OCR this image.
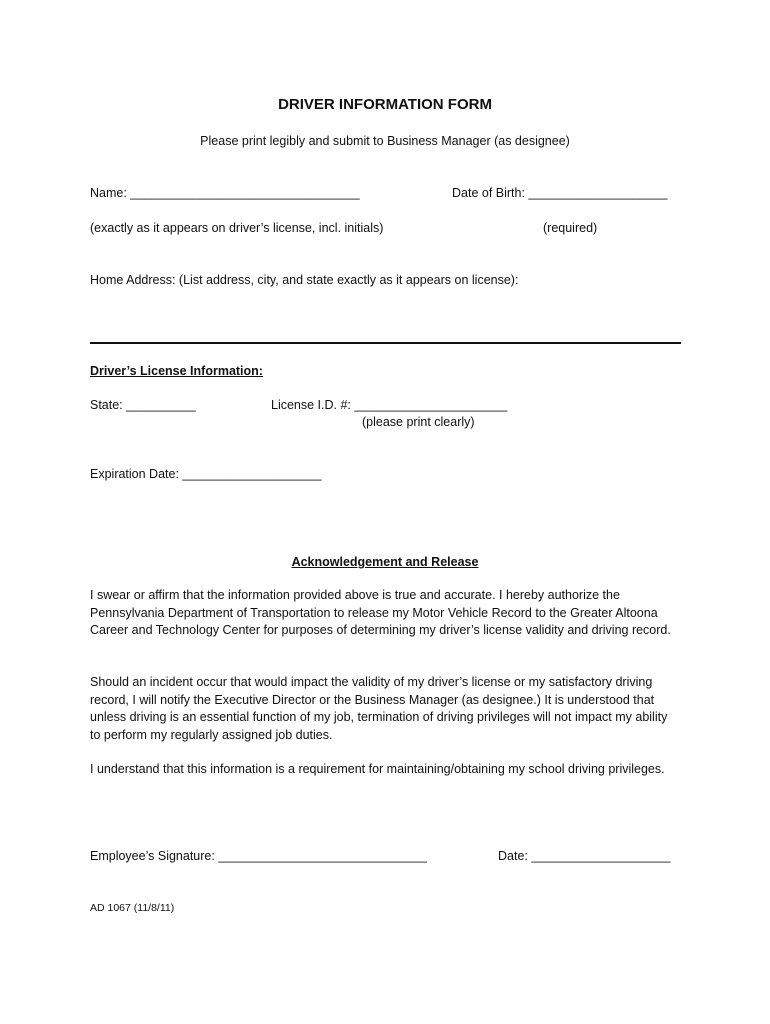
DRIVER INFORMATION FORM
Please print legibly and submit to Business Manager (as designee)
Name: _________________________________	Date of Birth: ____________________
(exactly as it appears on driver’s license, incl. initials)	(required)
Home Address: (List address, city, and state exactly as it appears on license):
Driver’s License Information:
State: __________	License I.D. #: ______________________
(please print clearly)
Expiration Date: ____________________
Acknowledgement and Release

I swear or affirm that the information provided above is true and accurate. I hereby authorize the Pennsylvania Department of Transportation to release my Motor Vehicle Record to the Greater Altoona Career and Technology Center for purposes of determining my driver’s license validity and driving record.

Should an incident occur that would impact the validity of my driver’s license or my satisfactory driving record, I will notify the Executive Director or the Business Manager (as designee.) It is understood that unless driving is an essential function of my job, termination of driving privileges will not impact my ability to perform my regularly assigned job duties.

I understand that this information is a requirement for maintaining/obtaining my school driving privileges.

Employee’s Signature: ______________________________	Date: ____________________
AD 1067 (11/8/11)
